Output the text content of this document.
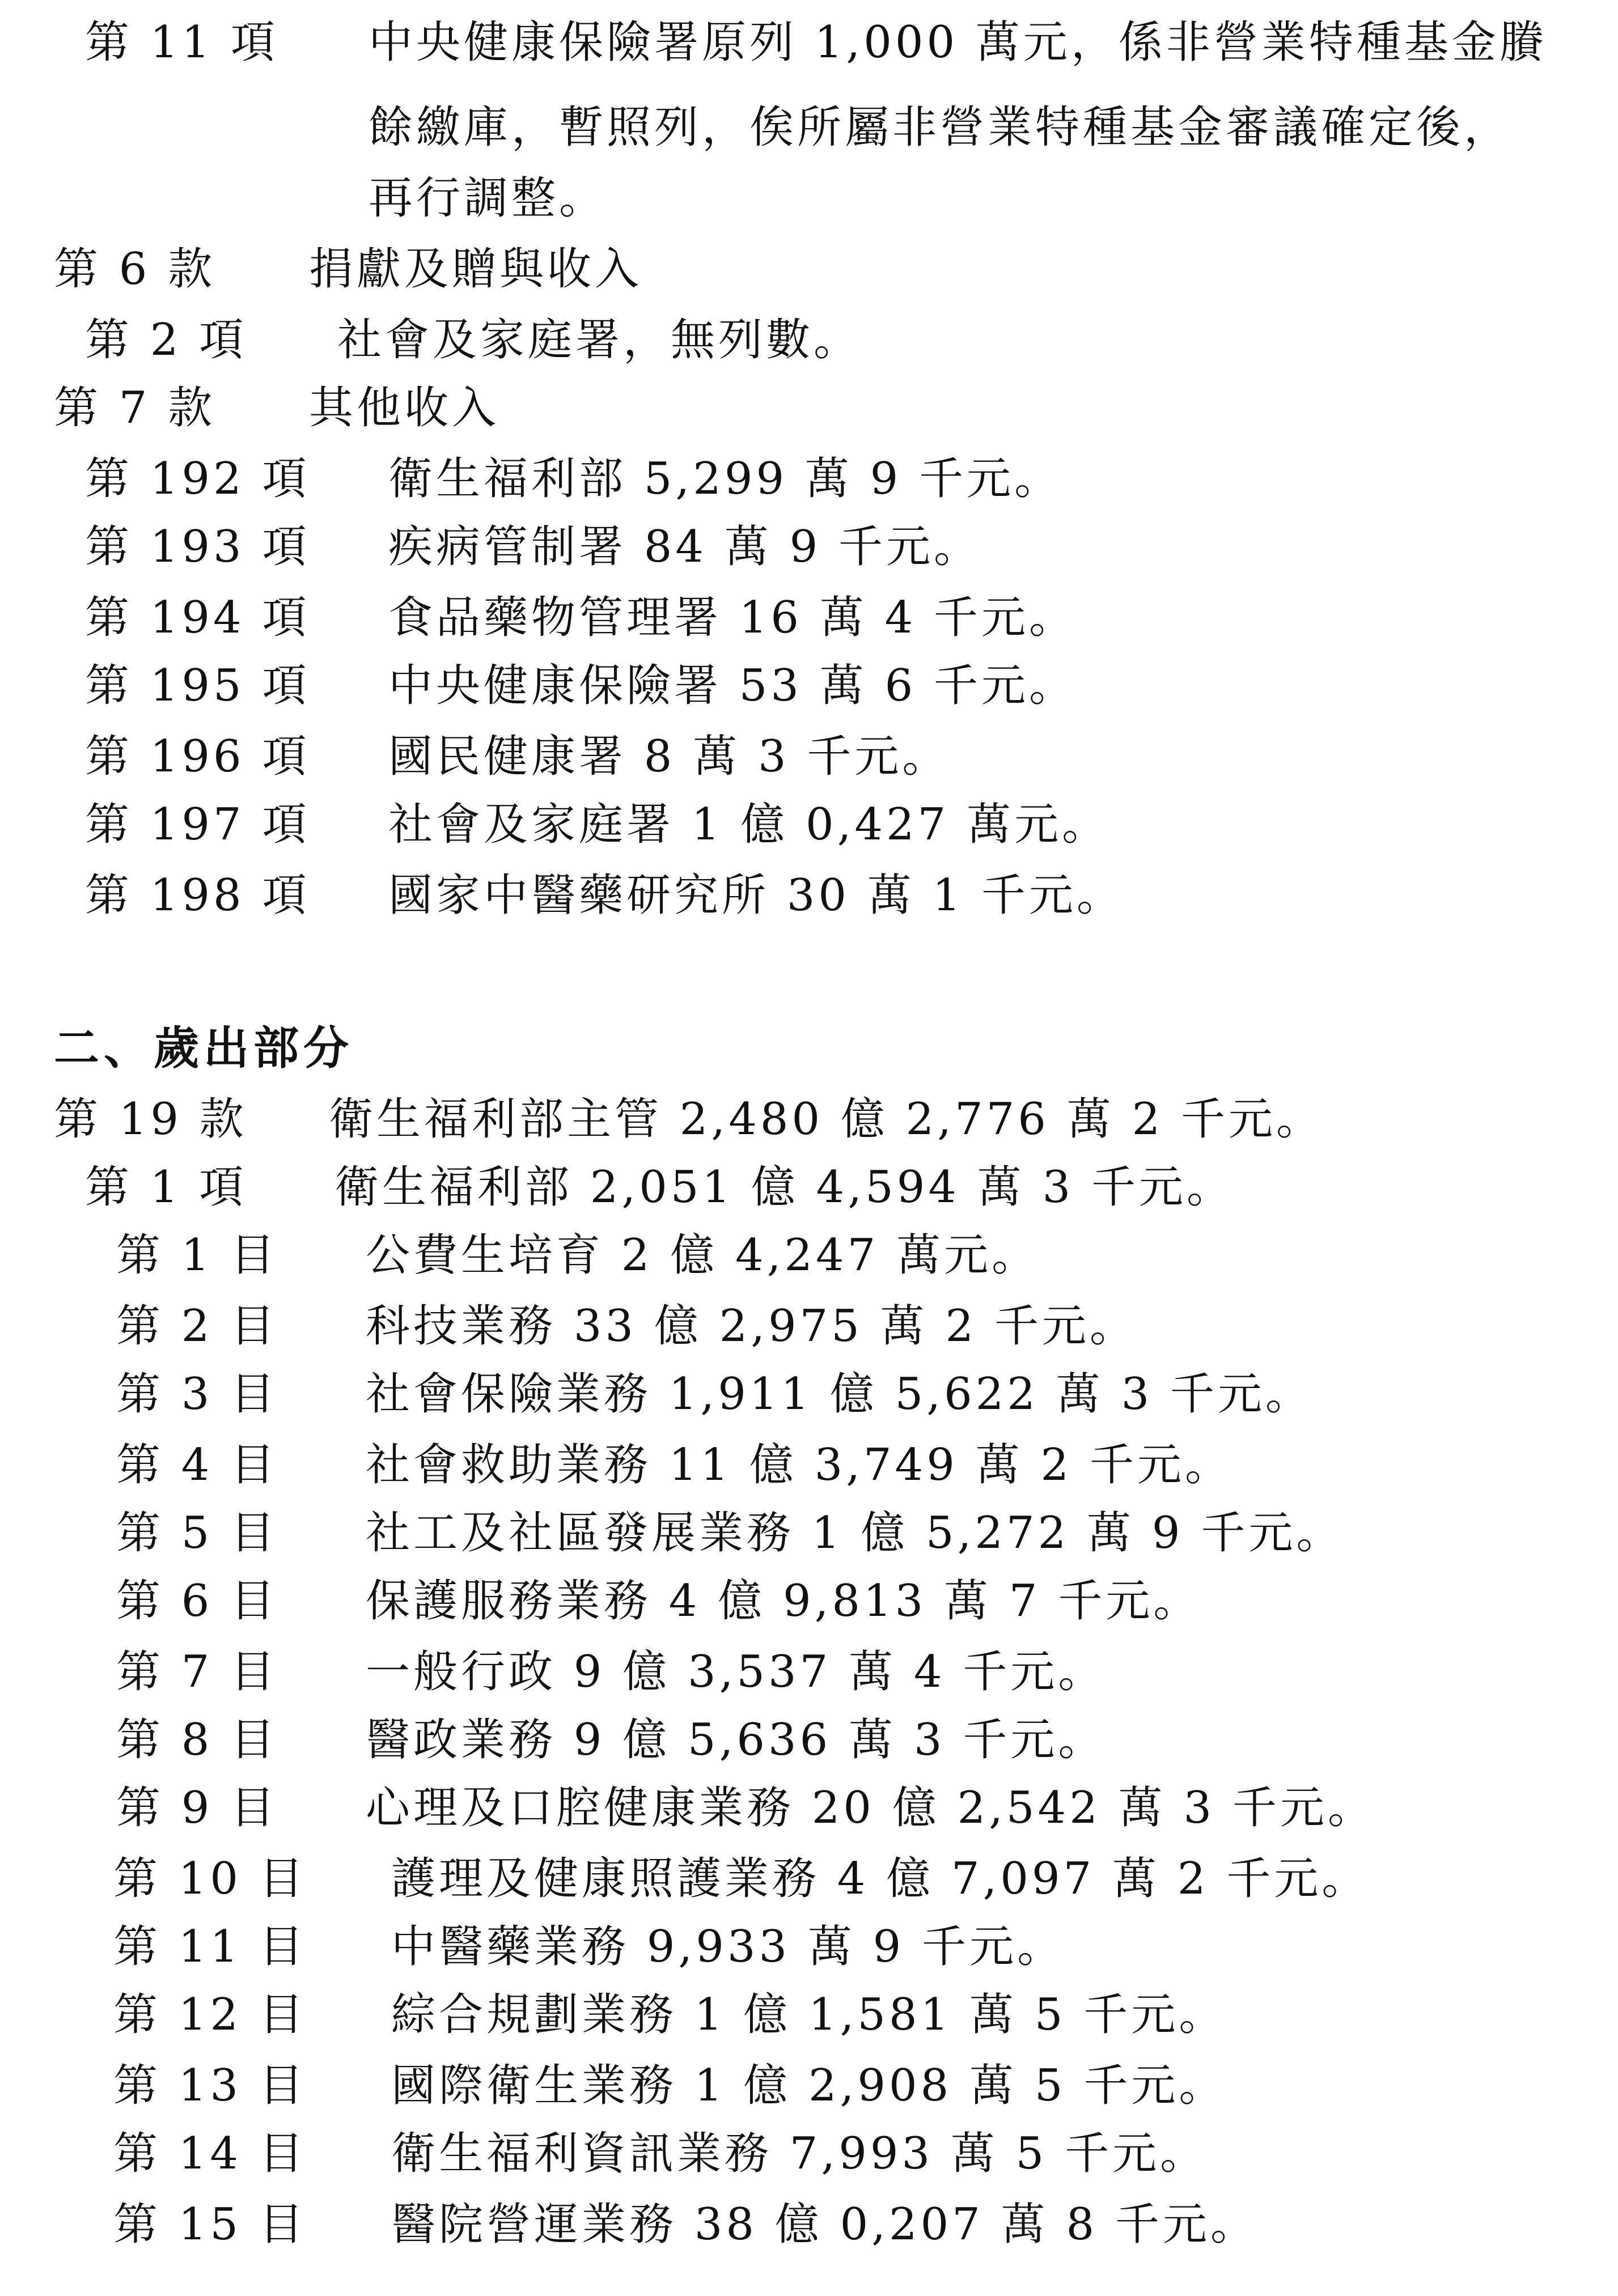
第 11 項 中央健康保險署原列 1,000 萬元，係非營業特種基金賸
餘繳庫，暫照列，俟所屬非營業特種基金審議確定後，
再行調整。
第 6 款 捐獻及贈與收入
第 2 項 社會及家庭署，無列數。
第 7 款 其他收入
第 192 項 衛生福利部 5,299 萬 9 千元。
第 193 項 疾病管制署 84 萬 9 千元。
第 194 項 食品藥物管理署 16 萬 4 千元。
第 195 項 中央健康保險署 53 萬 6 千元。
第 196 項 國民健康署 8 萬 3 千元。
第 197 項 社會及家庭署 1 億 0,427 萬元。
第 198 項 國家中醫藥研究所 30 萬 1 千元。
二、歲出部分
第 19 款 衛生福利部主管 2,480 億 2,776 萬 2 千元。
第 1 項 衛生福利部 2,051 億 4,594 萬 3 千元。
第 1 目 公費生培育 2 億 4,247 萬元。
第 2 目 科技業務 33 億 2,975 萬 2 千元。
第 3 目 社會保險業務 1,911 億 5,622 萬 3 千元。
第 4 目 社會救助業務 11 億 3,749 萬 2 千元。
第 5 目 社工及社區發展業務 1 億 5,272 萬 9 千元。
第 6 目 保護服務業務 4 億 9,813 萬 7 千元。
第 7 目 一般行政 9 億 3,537 萬 4 千元。
第 8 目 醫政業務 9 億 5,636 萬 3 千元。
第 9 目 心理及口腔健康業務 20 億 2,542 萬 3 千元。
第 10 目 護理及健康照護業務 4 億 7,097 萬 2 千元。
第 11 目 中醫藥業務 9,933 萬 9 千元。
第 12 目 綜合規劃業務 1 億 1,581 萬 5 千元。
第 13 目 國際衛生業務 1 億 2,908 萬 5 千元。
第 14 目 衛生福利資訊業務 7,993 萬 5 千元。
第 15 目 醫院營運業務 38 億 0,207 萬 8 千元。
